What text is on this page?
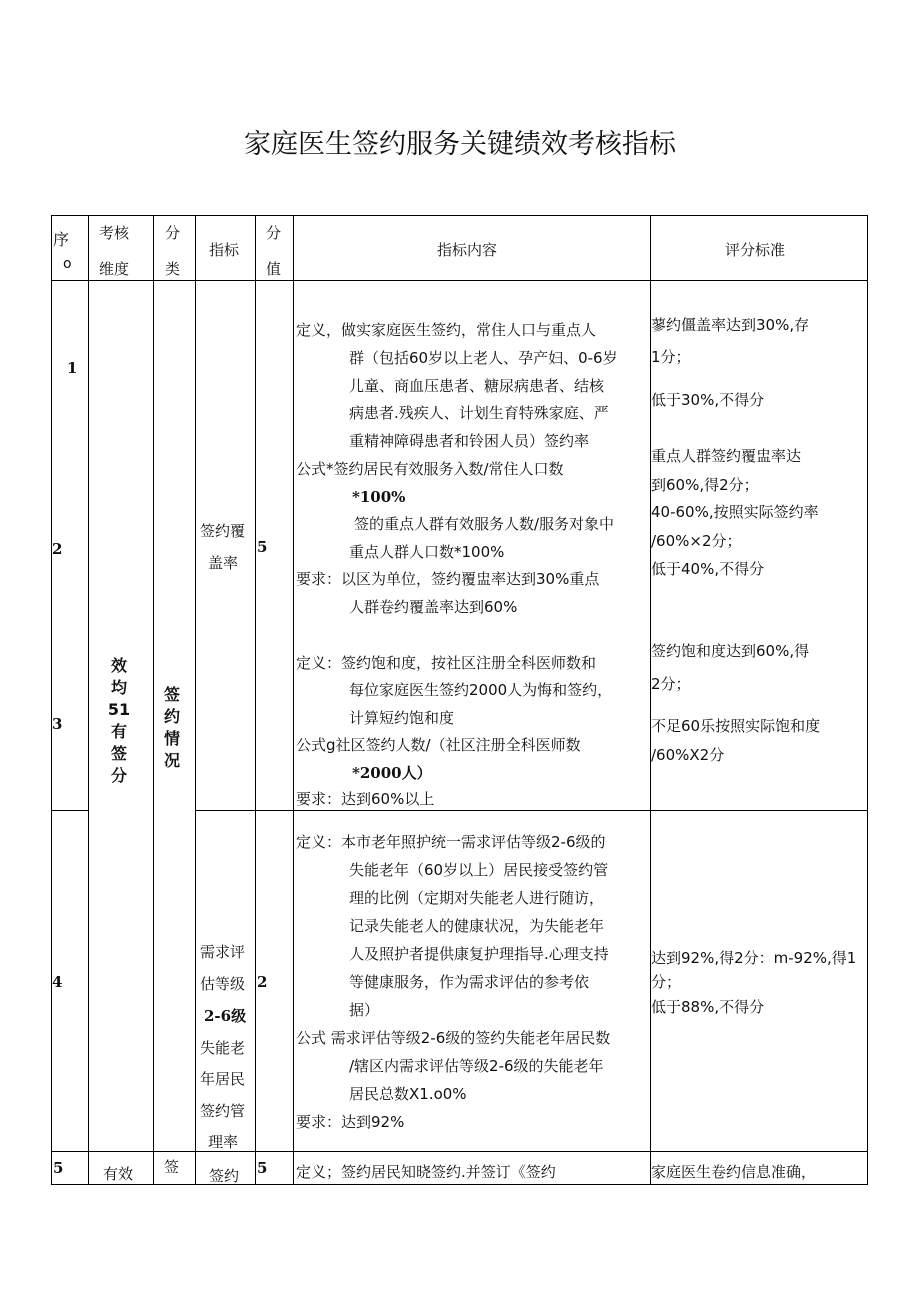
家庭医生签约服务关键绩效考核指标
序
o
考核
维度
分
类
指标
分
值
指标内容	评分标准
1
2
3
4
5
效均51有签分
签约情况
签约覆
盖率
5
定义，做实家庭医生签约，常住人口与重点人
群（包括60岁以上老人、孕产妇、0-6岁
儿童、商血压患者、糖尿病患者、结核
病患者.残疾人、计划生育特殊家庭、严
重精神障碍患者和铃困人员）签约率
公式*签约居民有效服务入数/常住人口数
*100%
签的重点人群有效服务人数/服务对象中
重点人群人口数*100%
要求：以区为单位，签约覆盅率达到30%重点
人群卷约覆盖率达到60%
蓼约僵盖率达到30%,存
1分；
低于30%,不得分
重点人群签约覆盅率达
到60%,得2分；
40-60%,按照实际签约率
/60%×2分；
低于40%,不得分
定义：签约饱和度，按社区注册全科医师数和
每位家庭医生签约2000人为悔和签约，
计算短约饱和度
公式g社区签约人数/（社区注册全科医师数
*2000人）
要求：达到60%以上
签约饱和度达到60%,得
2分；
不足60乐按照实际饱和度
/60%X2分
需求评
估等级
2-6级
失能老
年居民
签约管
理率
2
定义：本市老年照护统一需求评估等级2-6级的
失能老年（60岁以上）居民接受签约管
理的比例（定期对失能老人进行随访，
记录失能老人的健康状况，为失能老年
人及照护者提供康复护理指导.心理支持
等健康服务，作为需求评估的参考依
据）
公式 需求评估等级2-6级的签约失能老年居民数
/辖区内需求评估等级2-6级的失能老年
居民总数X1.o0%
要求：达到92%
达到92%,得2分：m-92%,得1
分；
低于88%,不得分
有效 签 签约 5 定义；签约居民知晓签约.并签订《签约	家庭医生卷约信息准确，
